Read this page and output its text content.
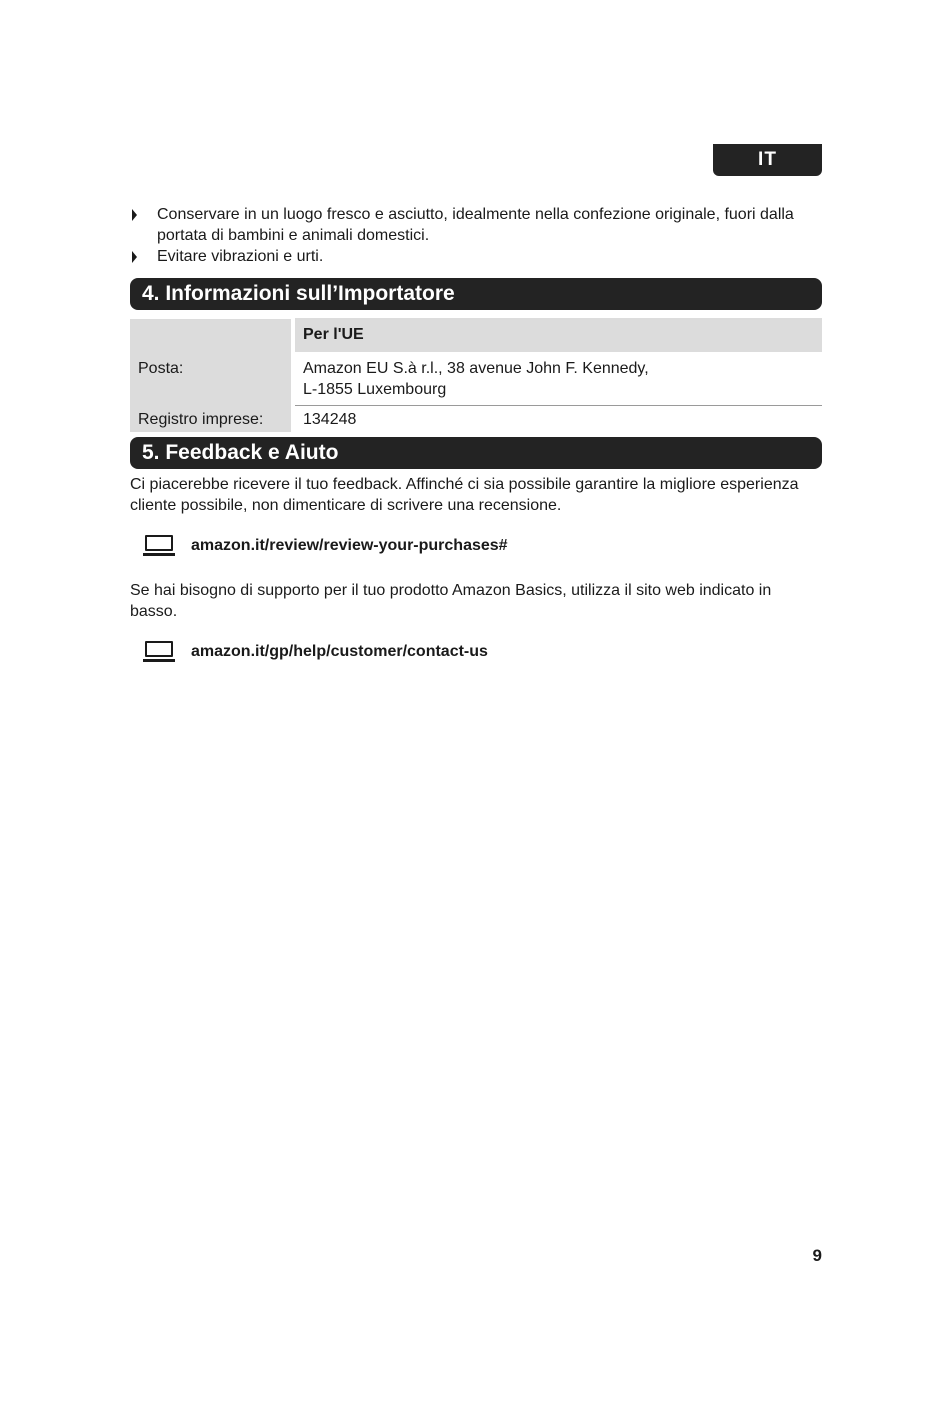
IT
Conservare in un luogo fresco e asciutto, idealmente nella confezione originale, fuori dalla portata di bambini e animali domestici.
Evitare vibrazioni e urti.
4. Informazioni sull’Importatore
	Per l'UE
Posta:	Amazon EU S.à r.l., 38 avenue John F. Kennedy,
L-1855 Luxembourg

Registro imprese:	134248
5. Feedback e Aiuto

Ci piacerebbe ricevere il tuo feedback. Affinché ci sia possibile garantire la migliore esperienza cliente possibile, non dimenticare di scrivere una recensione.

amazon.it/review/review-your-purchases#

Se hai bisogno di supporto per il tuo prodotto Amazon Basics, utilizza il sito web indicato in basso.

amazon.it/gp/help/customer/contact-us
9
